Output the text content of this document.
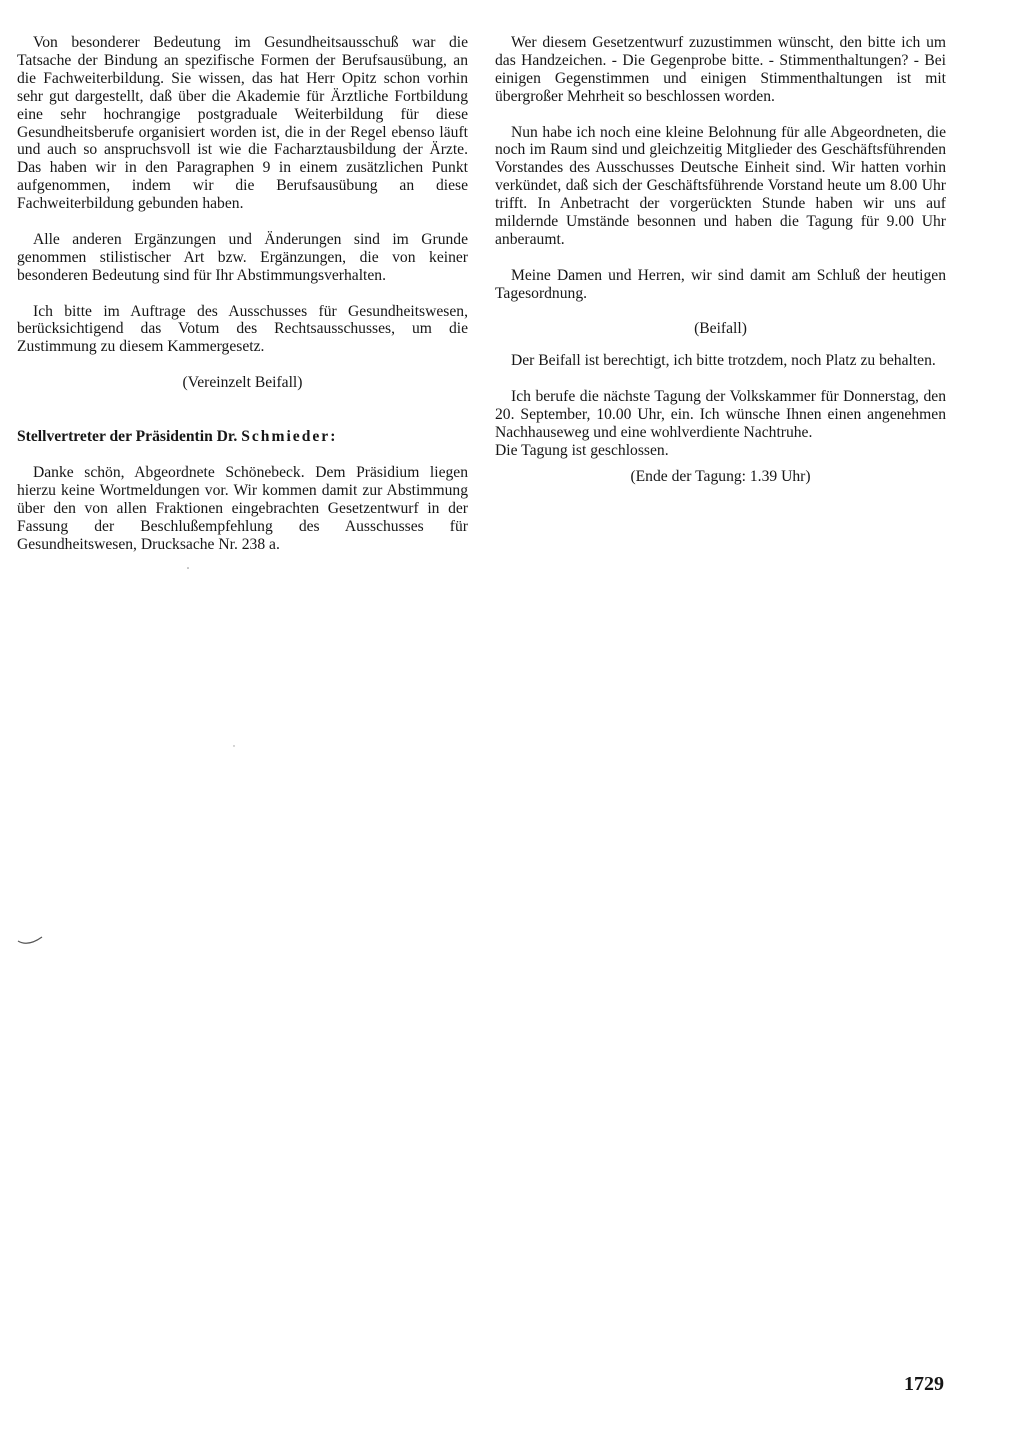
Von besonderer Bedeutung im Gesundheitsausschuß war die Tatsache der Bindung an spezifische Formen der Berufsausübung, an die Fachweiterbildung. Sie wissen, das hat Herr Opitz schon vorhin sehr gut dargestellt, daß über die Akademie für Ärztliche Fortbildung eine sehr hochrangige postgraduale Weiterbildung für diese Gesundheitsberufe organisiert worden ist, die in der Regel ebenso läuft und auch so anspruchsvoll ist wie die Facharztausbildung der Ärzte. Das haben wir in den Paragraphen 9 in einem zusätzlichen Punkt aufgenommen, indem wir die Berufsausübung an diese Fachweiterbildung gebunden haben.

Alle anderen Ergänzungen und Änderungen sind im Grunde genommen stilistischer Art bzw. Ergänzungen, die von keiner besonderen Bedeutung sind für Ihr Abstimmungsverhalten.

Ich bitte im Auftrage des Ausschusses für Gesundheitswesen, berücksichtigend das Votum des Rechtsausschusses, um die Zustimmung zu diesem Kammergesetz.

(Vereinzelt Beifall)

Stellvertreter der Präsidentin Dr. Schmieder:

Danke schön, Abgeordnete Schönebeck. Dem Präsidium liegen hierzu keine Wortmeldungen vor. Wir kommen damit zur Abstimmung über den von allen Fraktionen eingebrachten Gesetzentwurf in der Fassung der Beschlußempfehlung des Ausschusses für Gesundheitswesen, Drucksache Nr. 238 a.

Wer diesem Gesetzentwurf zuzustimmen wünscht, den bitte ich um das Handzeichen. - Die Gegenprobe bitte. - Stimmenthaltungen? - Bei einigen Gegenstimmen und einigen Stimmenthaltungen ist mit übergroßer Mehrheit so beschlossen worden.

Nun habe ich noch eine kleine Belohnung für alle Abgeordneten, die noch im Raum sind und gleichzeitig Mitglieder des Geschäftsführenden Vorstandes des Ausschusses Deutsche Einheit sind. Wir hatten vorhin verkündet, daß sich der Geschäftsführende Vorstand heute um 8.00 Uhr trifft. In Anbetracht der vorgerückten Stunde haben wir uns auf mildernde Umstände besonnen und haben die Tagung für 9.00 Uhr anberaumt.

Meine Damen und Herren, wir sind damit am Schluß der heutigen Tagesordnung.

(Beifall)

Der Beifall ist berechtigt, ich bitte trotzdem, noch Platz zu behalten.

Ich berufe die nächste Tagung der Volkskammer für Donnerstag, den 20. September, 10.00 Uhr, ein. Ich wünsche Ihnen einen angenehmen Nachhauseweg und eine wohlverdiente Nachtruhe.

Die Tagung ist geschlossen.

(Ende der Tagung: 1.39 Uhr)

1729
